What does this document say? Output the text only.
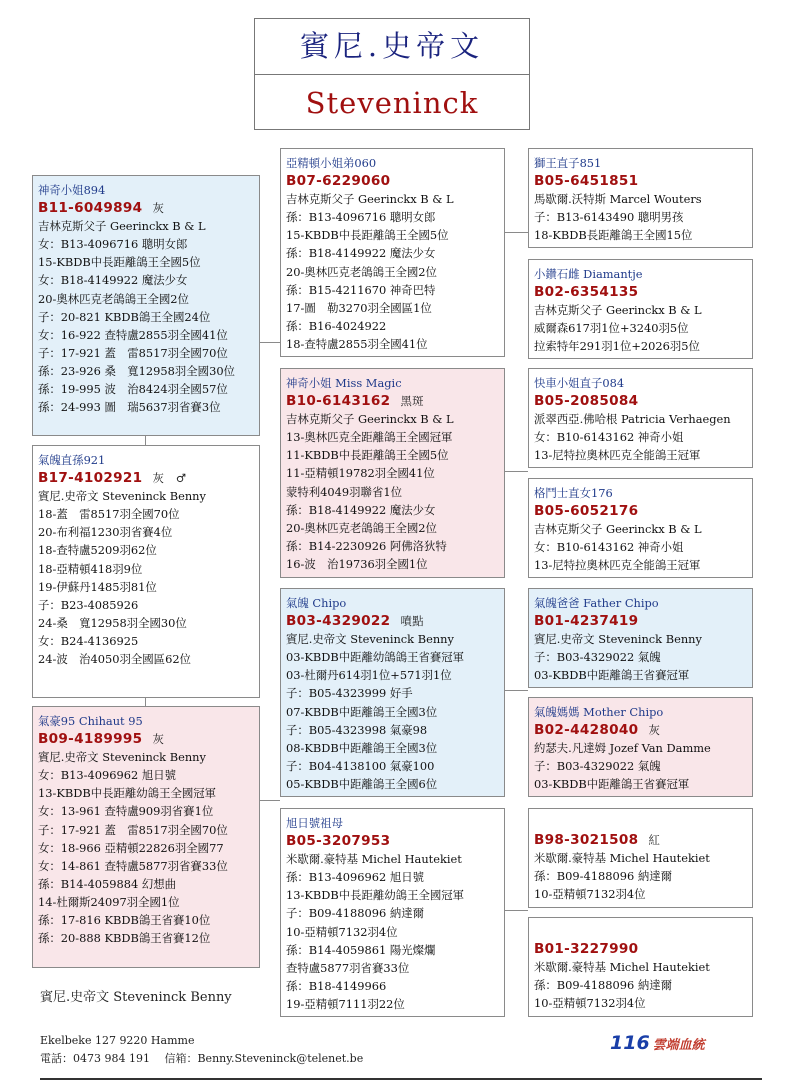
賓尼.史帝文
Steveninck
神奇小姐894
B11-6049894 灰
吉林克斯父子 Geerinckx B & L
女：B13-4096716 聰明女郎
15-KBDB中長距離鴿王全國5位
女：B18-4149922 魔法少女
20-奧林匹克老鴿鴿王全國2位
子：20-821 KBDB鴿王全國24位
女：16-922 查特盧2855羽全國41位
子：17-921 蓋　雷8517羽全國70位
孫：23-926 桑　寬12958羽全國30位
孫：19-995 波　治8424羽全國57位
孫：24-993 圖　瑞5637羽省賽3位
氣魄直孫921
B17-4102921 灰　♂
賓尼.史帝文 Steveninck Benny
18-蓋　雷8517羽全國70位
20-布利福1230羽省賽4位
18-查特盧5209羽62位
18-亞精頓418羽9位
19-伊蘇丹1485羽81位
子：B23-4085926
24-桑　寬12958羽全國30位
女：B24-4136925
24-波　治4050羽全國區62位
氣豪95 Chihaut 95
B09-4189995 灰
賓尼.史帝文 Steveninck Benny
女：B13-4096962 旭日號
13-KBDB中長距離幼鴿王全國冠軍
女：13-961 查特盧909羽省賽1位
子：17-921 蓋　雷8517羽全國70位
女：18-966 亞精頓22826羽全國77
女：14-861 查特盧5877羽省賽33位
孫：B14-4059884 幻想曲
14-杜爾斯24097羽全國1位
孫：17-816 KBDB鴿王省賽10位
孫：20-888 KBDB鴿王省賽12位
亞精頓小姐弟060
B07-6229060
吉林克斯父子 Geerinckx B & L
孫：B13-4096716 聰明女郎
15-KBDB中長距離鴿王全國5位
孫：B18-4149922 魔法少女
20-奧林匹克老鴿鴿王全國2位
孫：B15-4211670 神奇巴特
17-圖　勒3270羽全國區1位
孫：B16-4024922
18-查特盧2855羽全國41位
神奇小姐 Miss Magic
B10-6143162 黑斑
吉林克斯父子 Geerinckx B & L
13-奧林匹克全距離鴿王全國冠軍
11-KBDB中長距離鴿王全國5位
11-亞精頓19782羽全國41位
蒙特利4049羽聯省1位
孫：B18-4149922 魔法少女
20-奧林匹克老鴿鴿王全國2位
孫：B14-2230926 阿佛洛狄特
16-波　治19736羽全國1位
氣魄 Chipo
B03-4329022 噴點
賓尼.史帝文 Steveninck Benny
03-KBDB中距離幼鴿鴿王省賽冠軍
03-杜爾丹614羽1位+571羽1位
子：B05-4323999 好手
07-KBDB中距離鴿王全國3位
子：B05-4323998 氣豪98
08-KBDB中距離鴿王全國3位
子：B04-4138100 氣豪100
05-KBDB中距離鴿王全國6位
旭日號祖母
B05-3207953
米歇爾.豪特基 Michel Hautekiet
孫：B13-4096962 旭日號
13-KBDB中長距離幼鴿王全國冠軍
子：B09-4188096 納達爾
10-亞精頓7132羽4位
孫：B14-4059861 陽光燦爛
查特盧5877羽省賽33位
孫：B18-4149966
19-亞精頓7111羽22位
獅王直子851
B05-6451851
馬歇爾.沃特斯 Marcel Wouters
子：B13-6143490 聰明男孩
18-KBDB長距離鴿王全國15位
小鑽石雌 Diamantje
B02-6354135
吉林克斯父子 Geerinckx B & L
威爾森617羽1位+3240羽5位
拉索特年291羽1位+2026羽5位
快車小姐直子084
B05-2085084
派翠西亞.佛哈根 Patricia Verhaegen
女：B10-6143162 神奇小姐
13-尼特拉奧林匹克全能鴿王冠軍
格鬥士直女176
B05-6052176
吉林克斯父子 Geerinckx B & L
女：B10-6143162 神奇小姐
13-尼特拉奧林匹克全能鴿王冠軍
氣魄爸爸 Father Chipo
B01-4237419
賓尼.史帝文 Steveninck Benny
子：B03-4329022 氣魄
03-KBDB中距離鴿王省賽冠軍
氣魄媽媽 Mother Chipo
B02-4428040 灰
約瑟夫.凡達姆 Jozef Van Damme
子：B03-4329022 氣魄
03-KBDB中距離鴿王省賽冠軍
B98-3021508 紅
米歇爾.豪特基 Michel Hautekiet
孫：B09-4188096 納達爾
10-亞精頓7132羽4位
B01-3227990
米歇爾.豪特基 Michel Hautekiet
孫：B09-4188096 納達爾
10-亞精頓7132羽4位
賓尼.史帝文 Steveninck Benny
Ekelbeke 127 9220 Hamme
電話：0473 984 191　 信箱：Benny.Steveninck@telenet.be
116 雲端血統
